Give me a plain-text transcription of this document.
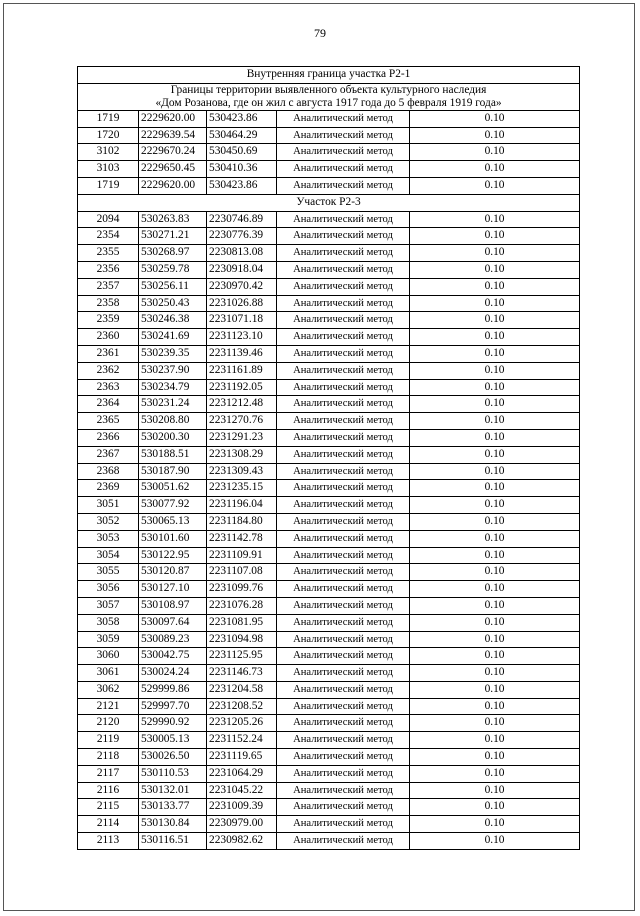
79
Внутренняя граница участка Р2-1				

Границы территории выявленного объекта культурного наследия
«Дом Розанова, где он жил с августа 1917 года до 5 февраля 1919 года»				

1719	2229620.00	530423.86	Аналитический метод	0.10
1720	2229639.54	530464.29	Аналитический метод	0.10
3102	2229670.24	530450.69	Аналитический метод	0.10
3103	2229650.45	530410.36	Аналитический метод	0.10
1719	2229620.00	530423.86	Аналитический метод	0.10
Участок Р2-3				
2094	530263.83	2230746.89	Аналитический метод	0.10
2354	530271.21	2230776.39	Аналитический метод	0.10
2355	530268.97	2230813.08	Аналитический метод	0.10
2356	530259.78	2230918.04	Аналитический метод	0.10
2357	530256.11	2230970.42	Аналитический метод	0.10
2358	530250.43	2231026.88	Аналитический метод	0.10
2359	530246.38	2231071.18	Аналитический метод	0.10
2360	530241.69	2231123.10	Аналитический метод	0.10
2361	530239.35	2231139.46	Аналитический метод	0.10
2362	530237.90	2231161.89	Аналитический метод	0.10
2363	530234.79	2231192.05	Аналитический метод	0.10
2364	530231.24	2231212.48	Аналитический метод	0.10
2365	530208.80	2231270.76	Аналитический метод	0.10
2366	530200.30	2231291.23	Аналитический метод	0.10
2367	530188.51	2231308.29	Аналитический метод	0.10
2368	530187.90	2231309.43	Аналитический метод	0.10
2369	530051.62	2231235.15	Аналитический метод	0.10
3051	530077.92	2231196.04	Аналитический метод	0.10
3052	530065.13	2231184.80	Аналитический метод	0.10
3053	530101.60	2231142.78	Аналитический метод	0.10
3054	530122.95	2231109.91	Аналитический метод	0.10
3055	530120.87	2231107.08	Аналитический метод	0.10
3056	530127.10	2231099.76	Аналитический метод	0.10
3057	530108.97	2231076.28	Аналитический метод	0.10
3058	530097.64	2231081.95	Аналитический метод	0.10
3059	530089.23	2231094.98	Аналитический метод	0.10
3060	530042.75	2231125.95	Аналитический метод	0.10
3061	530024.24	2231146.73	Аналитический метод	0.10
3062	529999.86	2231204.58	Аналитический метод	0.10
2121	529997.70	2231208.52	Аналитический метод	0.10
2120	529990.92	2231205.26	Аналитический метод	0.10
2119	530005.13	2231152.24	Аналитический метод	0.10
2118	530026.50	2231119.65	Аналитический метод	0.10
2117	530110.53	2231064.29	Аналитический метод	0.10
2116	530132.01	2231045.22	Аналитический метод	0.10
2115	530133.77	2231009.39	Аналитический метод	0.10
2114	530130.84	2230979.00	Аналитический метод	0.10
2113	530116.51	2230982.62	Аналитический метод	0.10
